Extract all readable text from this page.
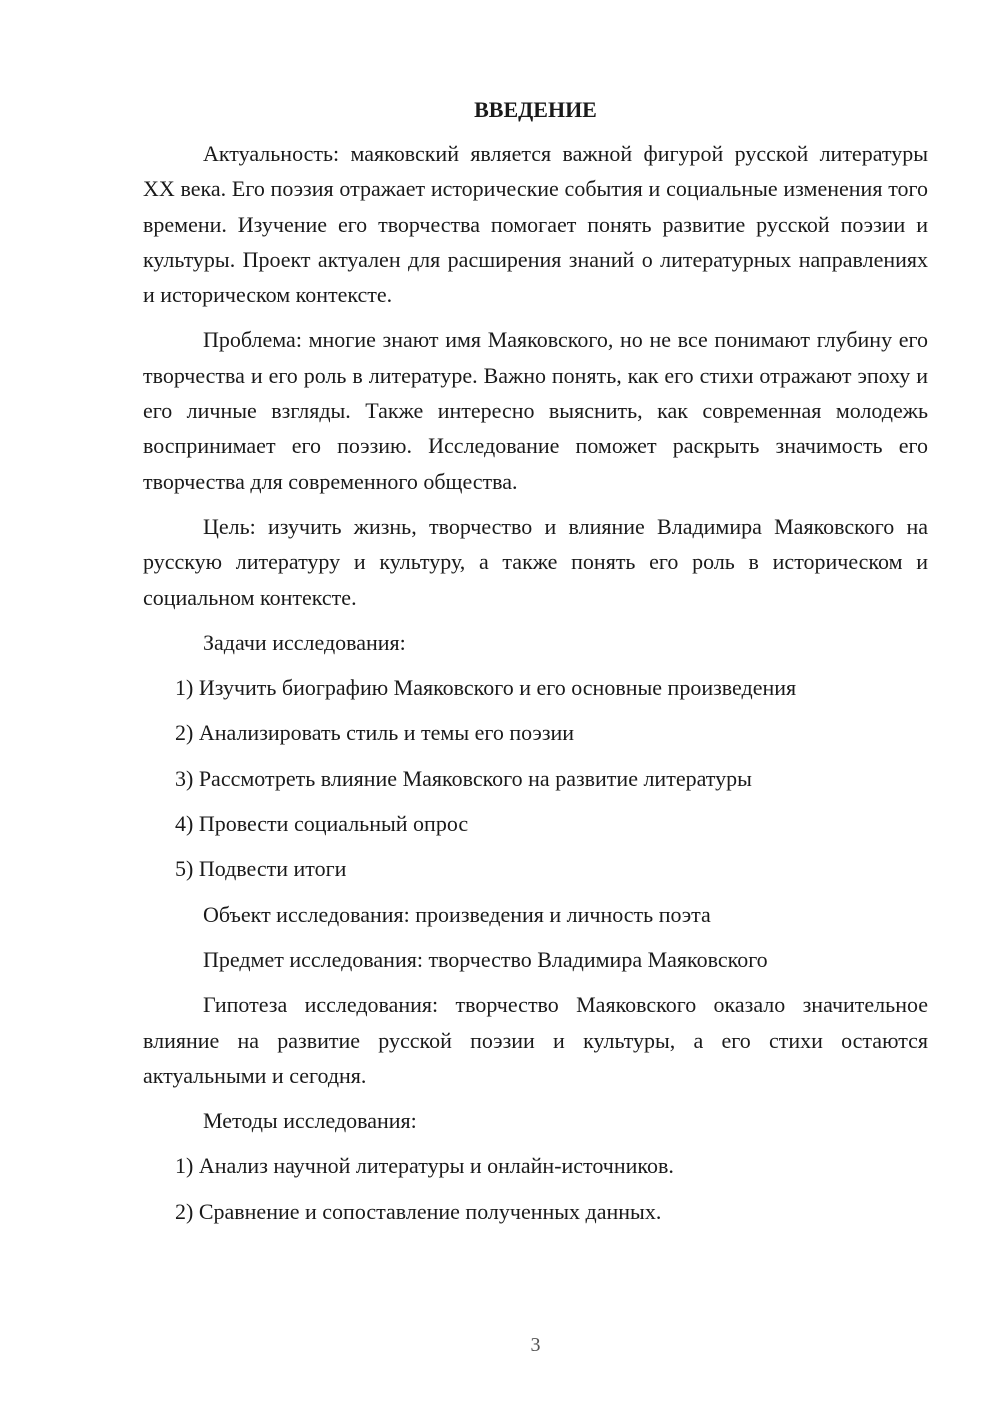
ВВЕДЕНИЕ

Актуальность: маяковский является важной фигурой русской литературы XX века. Его поэзия отражает исторические события и социальные изменения того времени. Изучение его творчества помогает понять развитие русской поэзии и культуры. Проект актуален для расширения знаний о литературных направлениях и историческом контексте.

Проблема: многие знают имя Маяковского, но не все понимают глубину его творчества и его роль в литературе. Важно понять, как его стихи отражают эпоху и его личные взгляды. Также интересно выяснить, как современная молодежь воспринимает его поэзию. Исследование поможет раскрыть значимость его творчества для современного общества.

Цель: изучить жизнь, творчество и влияние Владимира Маяковского на русскую литературу и культуру, а также понять его роль в историческом и социальном контексте.

Задачи исследования:
1) Изучить биографию Маяковского и его основные произведения
2) Анализировать стиль и темы его поэзии
3) Рассмотреть влияние Маяковского на развитие литературы
4) Провести социальный опрос
5) Подвести итоги
Объект исследования: произведения и личность поэта
Предмет исследования: творчество Владимира Маяковского

Гипотеза исследования: творчество Маяковского оказало значительное влияние на развитие русской поэзии и культуры, а его стихи остаются актуальными и сегодня.

Методы исследования:
1) Анализ научной литературы и онлайн-источников.
2) Сравнение и сопоставление полученных данных.
3
